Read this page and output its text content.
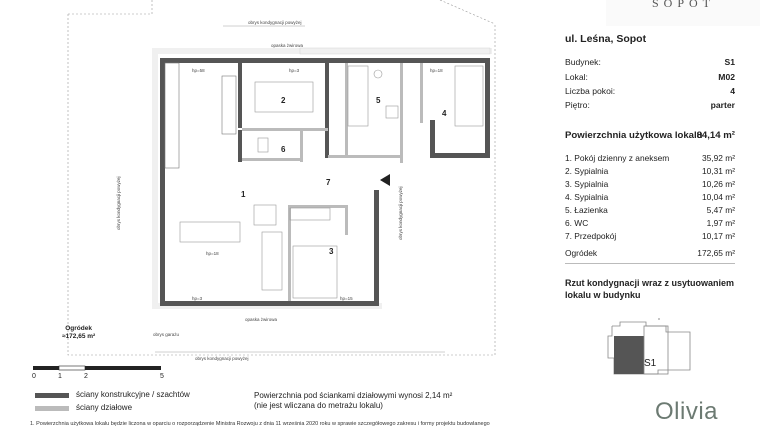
SOPOT
1
2
3
4
5
6
7
obrys kondygnacji powyżej
opaska żwirowa
opaska żwirowa
obrys garażu
obrys kondygnacji powyżej
obrys kondygnacji powyżej	obrys kondygnacji powyżej
hp=58	hp=3	hp=18
hp=18
hp=3	hp=15
Ogródek
≈172,65 m²
0	1	2	5
ściany konstrukcyjne / szachtów
ściany działowe
Powierzchnia pod ściankami działowymi wynosi 2,14 m²
(nie jest wliczana do metrażu lokalu)
1. Powierzchnia użytkowa lokalu będzie liczona w oparciu o rozporządzenie Ministra Rozwoju z dnia 11 września 2020 roku w sprawie szczegółowego zakresu i formy projektu budowlanego
ul. Leśna, Sopot
Budynek:	S1
Lokal:	M02
Liczba pokoi:	4
Piętro:	parter
Powierzchnia użytkowa lokalu
84,14 m²
1. Pokój dzienny z aneksem	35,92 m²
2. Sypialnia	10,31 m²
3. Sypialnia	10,26 m²
4. Sypialnia	10,04 m²
5. Łazienka	5,47 m²
6. WC	1,97 m²
7. Przedpokój	10,17 m²
Ogródek	172,65 m²
Rzut kondygnacji wraz z usytuowaniem lokalu w budynku
S1
Olivia
